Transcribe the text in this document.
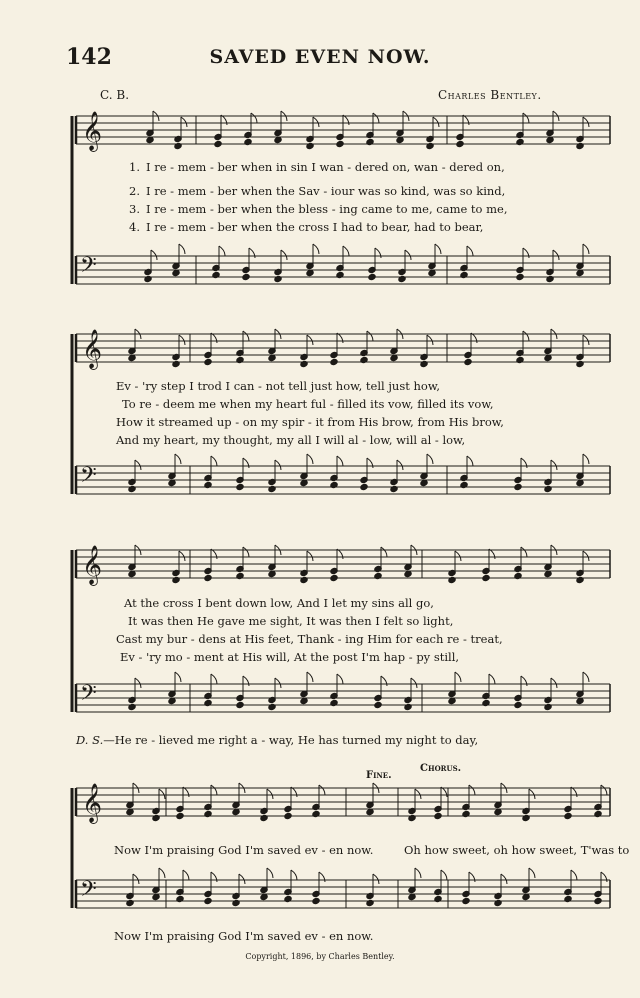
142	SAVED EVEN NOW.
C. B.	Charles Bentley.
𝄞
𝄢
𝄞
𝄢
𝄞
𝄢
𝄞
𝄢
1. I re - mem - ber when in sin I wan - dered on, wan - dered on,
2. I re - mem - ber when the Sav - iour was so kind, was so kind,
3. I re - mem - ber when the bless - ing came to me, came to me,
4. I re - mem - ber when the cross I had to bear, had to bear,
Ev - 'ry step I trod I can - not tell just how, tell just how,
To re - deem me when my heart ful - filled its vow, filled its vow,
How it streamed up - on my spir - it from His brow, from His brow,
And my heart, my thought, my all I will al - low, will al - low,
At the cross I bent down low, And I let my sins all go,
It was then He gave me sight, It was then I felt so light,
Cast my bur - dens at His feet, Thank - ing Him for each re - treat,
Ev - 'ry mo - ment at His will, At the post I'm hap - py still,
D. S.—He re - lieved me right a - way, He has turned my night to day,
Fine.
Chorus.
Now I'm praising God I'm saved ev - en now.	Oh how sweet, oh how sweet, T'was to
Now I'm praising God I'm saved ev - en now.
Copyright, 1896, by Charles Bentley.
